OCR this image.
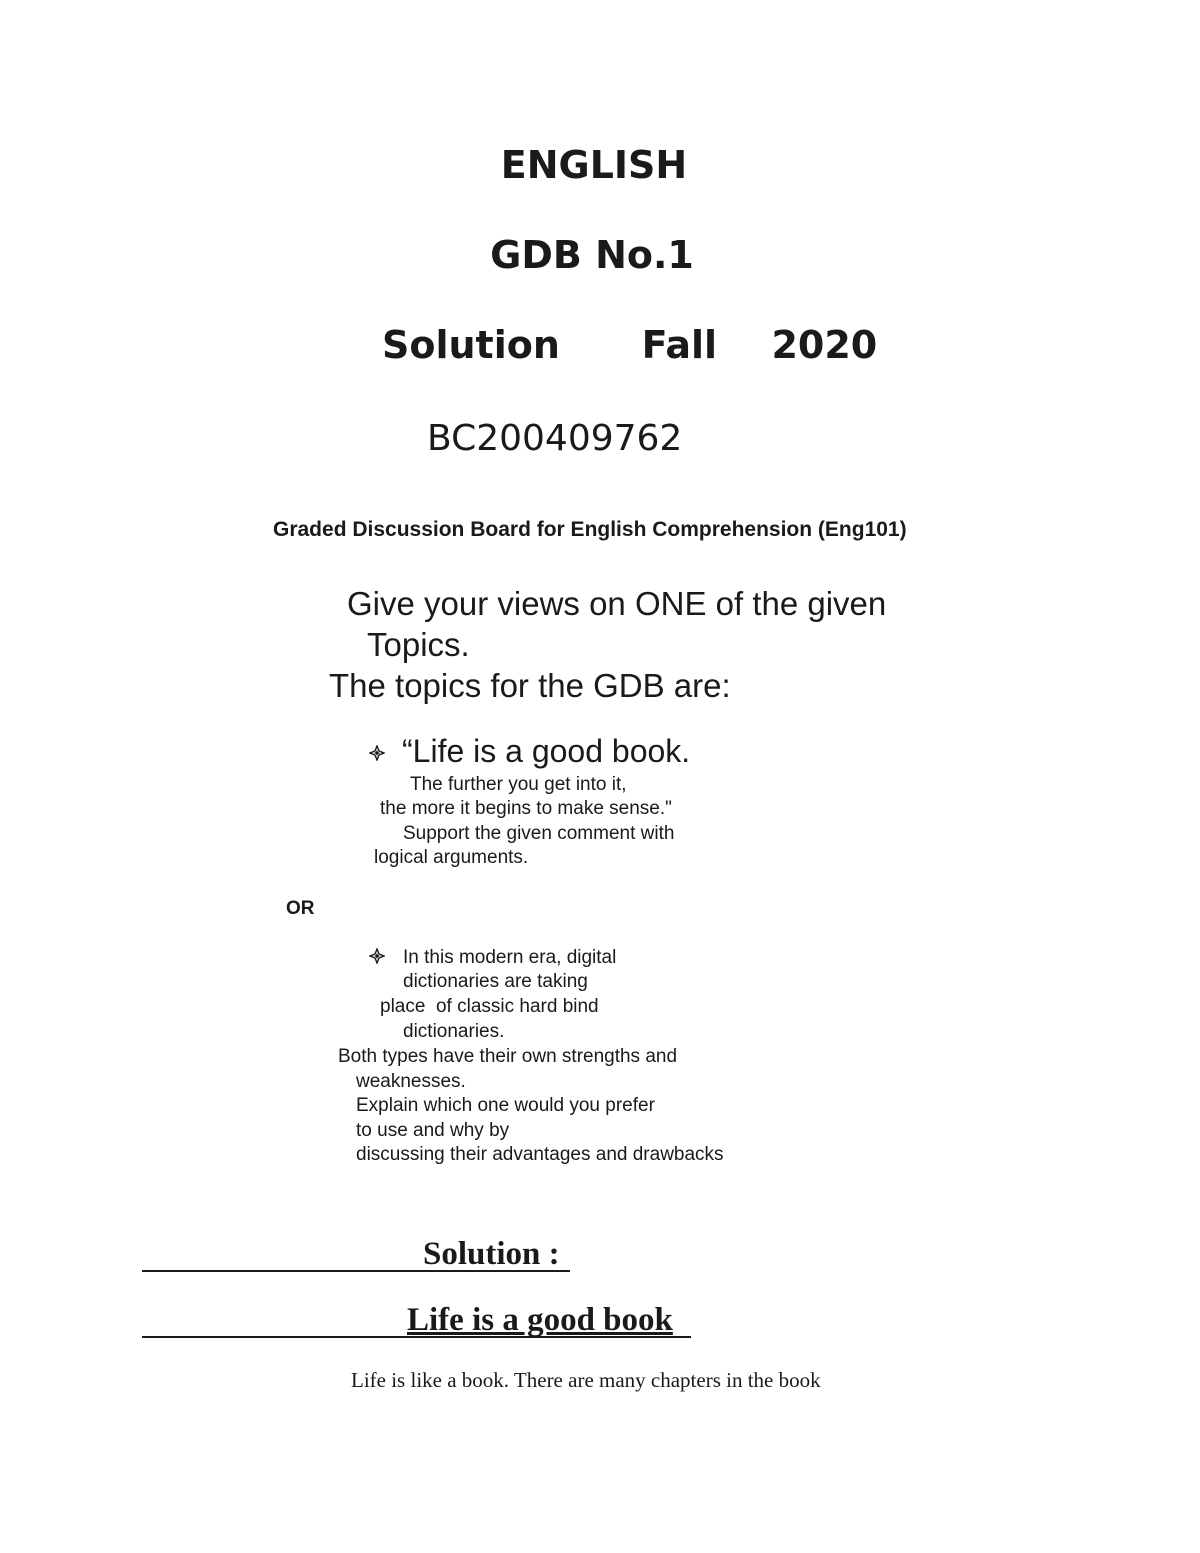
ENGLISH
GDB No.1
Solution   Fall  2020
BC200409762
Graded Discussion Board for English Comprehension (Eng101)
Give your views on ONE of the given
Topics.
The topics for the GDB are:
“Life is a good book.
The further you get into it,
the more it begins to make sense."
Support the given comment with
logical arguments.
OR
In this modern era, digital
dictionaries are taking
place  of classic hard bind
dictionaries.
Both types have their own strengths and
weaknesses.
Explain which one would you prefer
to use and why by
discussing their advantages and drawbacks
Solution :
Life is a good book
Life is like a book. There are many chapters in the book
